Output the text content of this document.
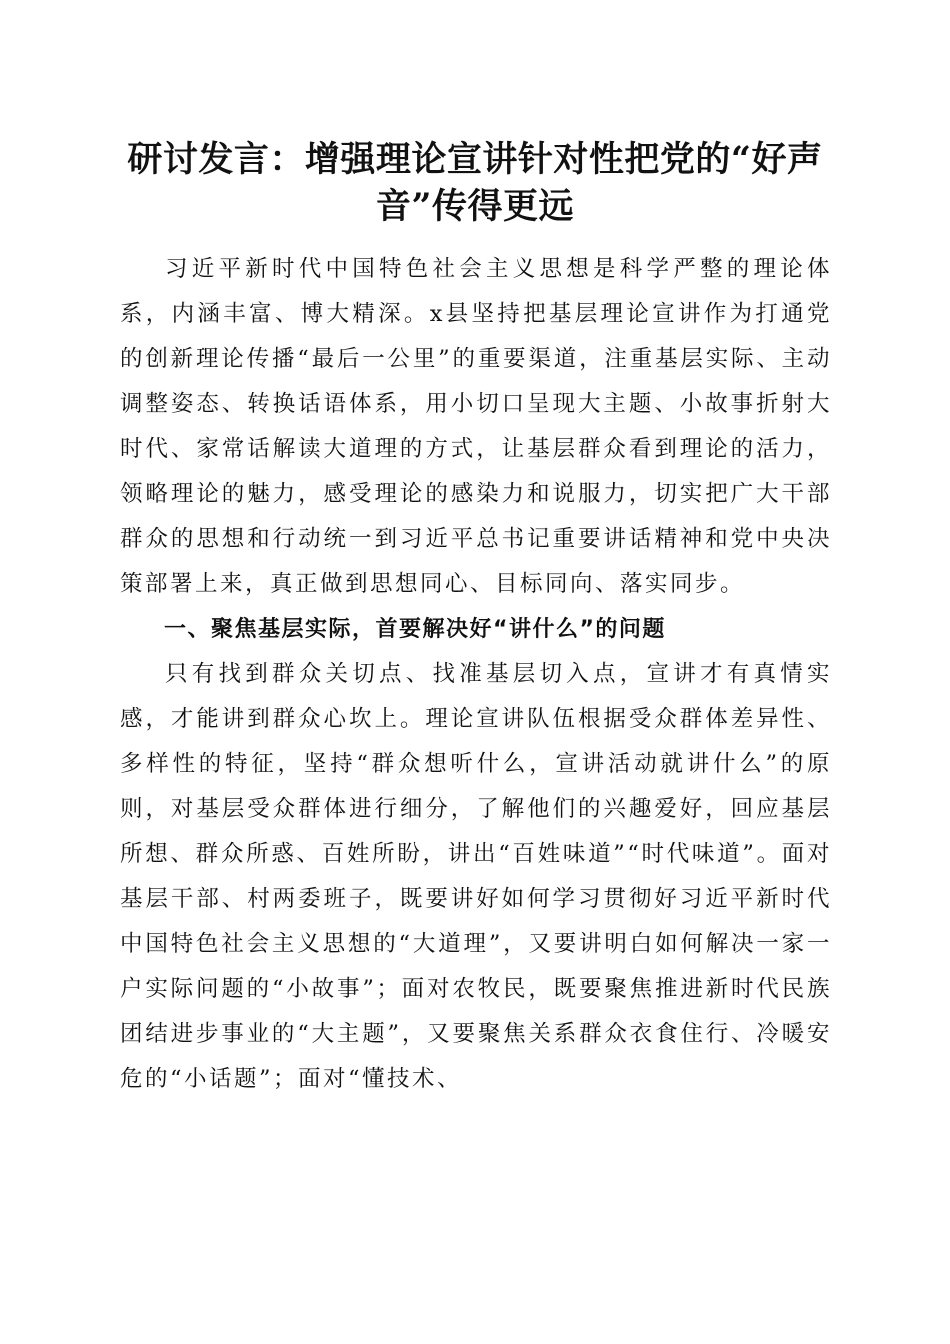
研讨发言：增强理论宣讲针对性把党的“好声音”传得更远

习近平新时代中国特色社会主义思想是科学严整的理论体系，内涵丰富、博大精深。x县坚持把基层理论宣讲作为打通党的创新理论传播“最后一公里”的重要渠道，注重基层实际、主动调整姿态、转换话语体系，用小切口呈现大主题、小故事折射大时代、家常话解读大道理的方式，让基层群众看到理论的活力，领略理论的魅力，感受理论的感染力和说服力，切实把广大干部群众的思想和行动统一到习近平总书记重要讲话精神和党中央决策部署上来，真正做到思想同心、目标同向、落实同步。

一、聚焦基层实际，首要解决好“讲什么”的问题

只有找到群众关切点、找准基层切入点，宣讲才有真情实感，才能讲到群众心坎上。理论宣讲队伍根据受众群体差异性、多样性的特征，坚持“群众想听什么，宣讲活动就讲什么”的原则，对基层受众群体进行细分，了解他们的兴趣爱好，回应基层所想、群众所惑、百姓所盼，讲出“百姓味道”“时代味道”。面对基层干部、村两委班子，既要讲好如何学习贯彻好习近平新时代中国特色社会主义思想的“大道理”，又要讲明白如何解决一家一户实际问题的“小故事”；面对农牧民，既要聚焦推进新时代民族团结进步事业的“大主题”，又要聚焦关系群众衣食住行、冷暖安危的“小话题”；面对“懂技术、
